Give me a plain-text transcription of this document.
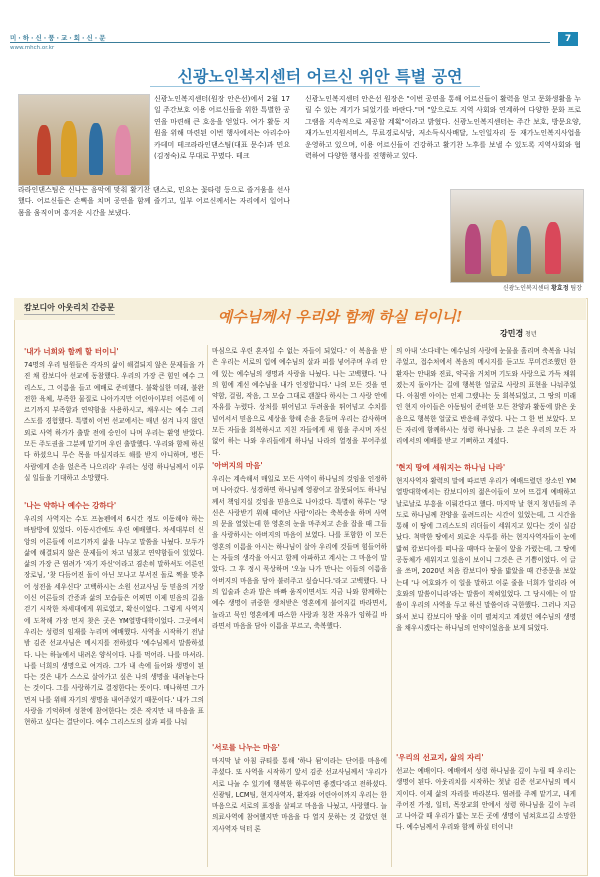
미·하·신·풍·교·회·신·문
www.mhch.or.kr
7
신광노인복지센터 어르신 위안 특별 공연
신광노인복지센터(원장 안은선)에서 2월 17일 주간보호 이용 어르신들을 위한 특별한 공연을 마련해 큰 호응을 얻었다. 여가 활동 지원을 위해 마련된 이번 행사에서는 아리수아카데미 테크라라인댄스팀(대표 문수)과 민요(김정숙)로 무대로 꾸몄다. 테크
라라인댄스팀은 신나는 음악에 맞춰 활기찬 댄스로, 민요는 꽃타령 등으로 즐거움을 선사했다. 어르신들은 손뼉을 치며 공연을 함께 즐기고, 일부 어르신께서는 자리에서 일어나 몸을 움직이며 흥겨운 시간을 보냈다.
신광노인복지센터 안은선 원장은 "이번 공연을 통해 어르신들이 활력을 얻고 문화생활을 누릴 수 있는 계기가 되었기를 바란다."며 "앞으로도 지역 사회와 연계하여 다양한 문화 프로그램을 지속적으로 제공할 계획"이라고 밝혔다. 신광노인복지센터는 주간 보호, 방문요양, 재가노인지원서비스, 무료경로식당, 저소득식사배달, 노인일자리 등 재가노인복지사업을 운영하고 있으며, 이용 어르신들이 건강하고 활기찬 노후를 보낼 수 있도록 지역사회와 협력하여 다양한 행사를 진행하고 있다.
신광노인복지센터 황효정 팀장
캄보디아 아웃리치 간증문
예수님께서 우리와 함께 하실 터이니!
강민경 청년
'내가 너희와 함께 할 터이니'
74명의 우리 팀원들은 각자의 삶이 해결되지 않은 문제들을 가진 채 캄보디아 선교에 동참했다. 우리의 가장 큰 힘인 예수 그리스도, 그 이름을 들고 예배로 준비했다. 불확실한 미래, 불완전한 육체, 부족한 물질로 나아가지만 어린아이부터 어른에 이르기까지 부족함과 연약함을 사용하시고, 채우시는 예수 그리스도를 경험했다. 특별히 이번 선교에서는 매년 섬겨 나지 않던 외로 사역 하가가 출발 전에 승인이 나며 우리는 환영 받았다. 모든 주도권을 그분께 맡기며 우린 출발했다. '우리와 함께 하신다 하셨으니 무슨 목을 마실지라도 해를 받지 아니하며, 병든 사람에게 손을 얹은즉 나으리라' 우리는 성령 하나님께서 이루실 일들을 기대하고 소망했다.
'나는 약하나 예수는 강하다'
우리의 사역지는 수도 프놈펜에서 6시간 정도 이동해야 하는 바탐방에 있었다. 이동시간에도 우린 예배했다. 차세대부터 신앙의 어른들에 이르기까지 삶을 나누고 말씀을 나눴다. 모두가 삶에 해결되지 않은 문제들이 차고 넘쳤고 연약함들이 있었다. 삶의 가장 큰 염려가 '자기 자신'이라고 겸손히 말하셔도 어른인 장로님, '찾 다듬어진 돌이 아닌 모나고 부서진 돌로 쩍을 맞추어 성전을 세우신다' 고백하시는 소원 선교사님 등 믿음의 거장이신 어른들의 간증과 삶의 모습들은 어찌면 이제 믿음의 길을 걷기 시작한 차세대에게 위로였고, 확신이었다. 그렇게 사역지에 도착해 가장 먼저 찾은 곳은 YM열방대학이었다. 그곳에서 우리는 성령의 임재를 누리며 예배했다. 사역을 시작하기 전날 밤 김준 선교사님은 메시지를 전하셨다 '예수님께서 말씀하셨다. 나는 하늘에서 내려온 양식이다. 나를 먹어라. 나를 마셔라. 나를 너희의 생명으로 여겨라. 그가 내 속에 들어와 생명이 된다는 것은 내가 스스로 살아가고 싶은 나의 생명을 내려놓는다는 것이다. 그를 사랑하기로 결정한다는 뜻이다. 매나하면 그가 먼저 나를 위해 자기의 생명을 내어주었기 때문이다.' 내가 그의 사랑을 기억하며 성찬에 참여한다는 것은 작지만 내 마음을 표현하고 싶다는 결단이다. 예수 그리스도의 살과 피를 나눠
마심으로 우린 혼자일 수 없는 자들이 되었다.' 이 복음을 받은 우리는 서로의 입에 예수님의 살과 피를 넣어주며 우리 안에 있는 예수님의 생명과 사랑을 나눴다. 나는 고백했다. '나의 힘에 계신 예수님을 내가 인정합니다.' 나의 모든 것을 연약함, 걸림, 작음, 그 모습 그대로 괜찮다 하시는 그 사랑 안에 자유를 누렸다. 상처를 뛰어넘고 두려움을 뛰어넘고 수치를 넘어서서 믿음으로 세상을 향해 손을 흔들며 우리는 감사하며 모든 자들을 회복하시고 지친 자들에게 새 힘을 주시며 자신 없어 하는 나와 우리들에게 하나님 나라의 열정을 부어주셨다.
'아버지의 마음'
우리는 계속해서 매일로 모든 사역이 하나님의 것임을 인정하며 나아갔다. 성경하면 하나님께 영광이고 잘못되어도 하나님께서 책임지실 것임을 믿음으로 나아갔다. 특별히 하루는 '당신은 사랑받기 위해 태어난 사람'이라는 축복송을 하며 사역의 문을 열었는데 한 영혼의 눈을 마주치고 손을 잡을 때 그들을 사랑하시는 아버지의 마음이 보였다. 나를 포함한 이 모든 영혼의 이름을 아시는 하나님이 살아 우리에 것들며 힘들어하는 자들의 생각을 아시고 함께 아파하고 계시는 그 마음이 말았다. 그 후 정시 묵상하며 '오늘 나가 만나는 이들의 이름을 아버지의 마음을 담아 불러주고 싶습니다.'라고 고백했다. 나의 입술과 손과 발은 바빠 움직이면서도 지금 나와 함께하는 예수 생명이 귀중한 생처받은 영혼에게 불어지길 바라면서, 놀라고 묵인 영혼에게 따스한 사랑과 칭찬 자유가 임하길 바라면서 마음을 담아 이름을 부르고, 축복했다.
'서로를 나누는 마음'
마지막 날 아침 큐티를 통해 '하나 됨'이라는 단어를 마음에 주셨다. 또 사역을 시작하기 앞서 김준 선교사님께서 '우리가 서로 나눌 수 있기에 행복한 하루이면 좋겠다'라고 전하셨다. 신광팀, LCM팀, 현지사역자, 환자와 어린아이까지 우리는 한마음으로 서로의 표정을 살피고 마음을 나눴고, 사랑했다. 늘 의료사역에 참여했지만 마음을 다 열지 못하는 것 같았던 현지사역자 덕터 론
의 아내 '소다네'는 예수님의 사랑에 눈물을 흘리며 축복을 나눠주었고, 접수처에서 복음의 메시지를 듣고도 무미건조했던 한 환자는 안내와 진료, 약국을 거치며 기도와 사랑으로 가득 채워졌는지 돌아가는 길에 행복한 얼굴로 사랑의 표현을 나눠주었다. 아침엔 아이는 언제 그랬냐는 듯 회복되었고, 그 땅의 미래인 현지 아이들은 아동팀이 준비한 모든 찬양과 활동에 밝은 웃음으로 행복한 얼굴로 반응해 주었다. 나는 그 한 번 보았다. 모든 자리에 함께하시는 성령 하나님을. 그 분은 우리의 모든 자리에서의 예배를 받고 기뻐하고 계셨다.
'현지 땅에 세워지는 하나님 나라'
현지사역자 활력의 말에 따르면 우리가 예배드렸던 장소인 YM열방대학에서는 캄보디아의 젊은이들이 모여 뜨겁게 예배하고 날로날로 부흥을 이뤄간다고 했다. 마지막 날 현지 청년들의 주도로 하나님께 찬양을 올려드리는 시간이 있었는데, 그 시간을 통해 이 땅에 그리스도의 리더들이 세워지고 있다는 것이 실감 났다. 척박한 땅에서 외로운 사투를 하는 현지사역자들이 눈에 밟혀 캄보디아를 떠나올 때마다 눈물이 앞을 가렸는데, 그 땅에 공동체가 세워지고 있음이 보이니 그것은 큰 기쁨이었다. 이 글을 쓰며, 2020년 처음 캄보디아 땅을 밟았을 때 간증문을 보았는데 '나 여호와가 이 일을 말하고 이룬 줄을 너희가 알리라 여호와의 말씀이니라'라는 말씀이 적혀있었다. 그 당시에는 이 말씀이 우리의 사역을 두고 하신 말씀이라 국한했다. 그러나 지금 와서 보니 캄보디아 땅을 이미 펼쳐지고 계셨던 예수님의 생명을 채우시겠다는 하나님의 언약이었음을 보게 되었다.
'우리의 선교지, 삶의 자리'
선교는 예배이다. 예배에서 성령 하나님을 깊이 누릴 때 우리는 생명이 된다. 아웃리치를 시작하는 첫날 김준 선교사님의 메시지이다. 이제 삶의 자리를 바라본다. 염려를 주께 맡기고, 내게 주어진 가정, 일터, 목장교회 안에서 성령 하나님을 깊이 누리고 나아갈 때 우리가 밟는 모든 곳에 생명이 넘쳐흐르길 소망한다. 예수님께서 우리와 함께 하실 터이니!
